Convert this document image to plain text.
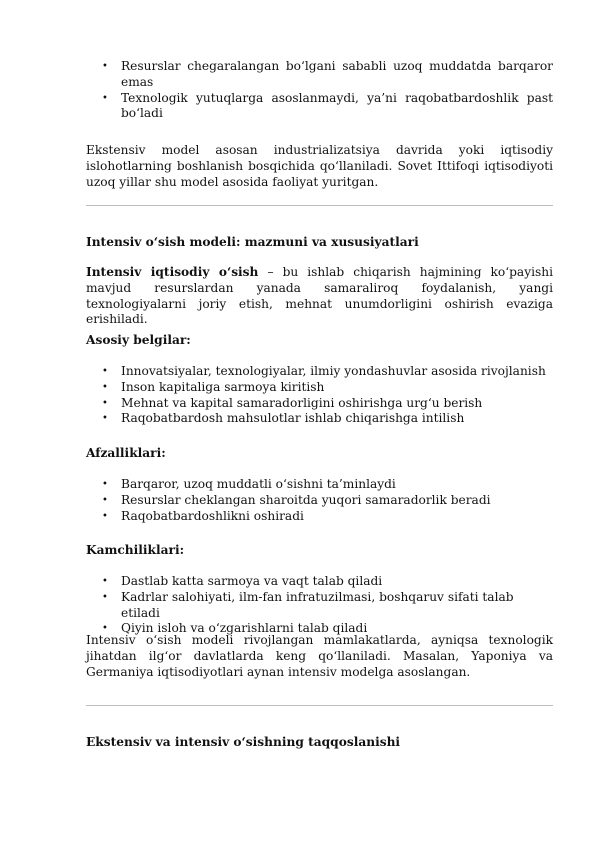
• Resurslar chegaralangan bo‘lgani sababli uzoq muddatda barqaror emas
• Texnologik yutuqlarga asoslanmaydi, ya’ni raqobatbardoshlik past bo‘ladi

Ekstensiv model asosan industrializatsiya davrida yoki iqtisodiy islohotlarning boshlanish bosqichida qo‘llaniladi. Sovet Ittifoqi iqtisodiyoti uzoq yillar shu model asosida faoliyat yuritgan.

Intensiv o‘sish modeli: mazmuni va xususiyatlari

Intensiv iqtisodiy o‘sish – bu ishlab chiqarish hajmining ko‘payishi mavjud resurslardan yanada samaraliroq foydalanish, yangi texnologiyalarni joriy etish, mehnat unumdorligini oshirish evaziga erishiladi.

Asosiy belgilar:

• Innovatsiyalar, texnologiyalar, ilmiy yondashuvlar asosida rivojlanish
• Inson kapitaliga sarmoya kiritish
• Mehnat va kapital samaradorligini oshirishga urg‘u berish
• Raqobatbardosh mahsulotlar ishlab chiqarishga intilish

Afzalliklari:

• Barqaror, uzoq muddatli o‘sishni ta’minlaydi
• Resurslar cheklangan sharoitda yuqori samaradorlik beradi
• Raqobatbardoshlikni oshiradi

Kamchiliklari:

• Dastlab katta sarmoya va vaqt talab qiladi
• Kadrlar salohiyati, ilm-fan infratuzilmasi, boshqaruv sifati talab etiladi
• Qiyin isloh va o‘zgarishlarni talab qiladi

Intensiv o‘sish modeli rivojlangan mamlakatlarda, ayniqsa texnologik jihatdan ilg‘or davlatlarda keng qo‘llaniladi. Masalan, Yaponiya va Germaniya iqtisodiyotlari aynan intensiv modelga asoslangan.

Ekstensiv va intensiv o‘sishning taqqoslanishi
